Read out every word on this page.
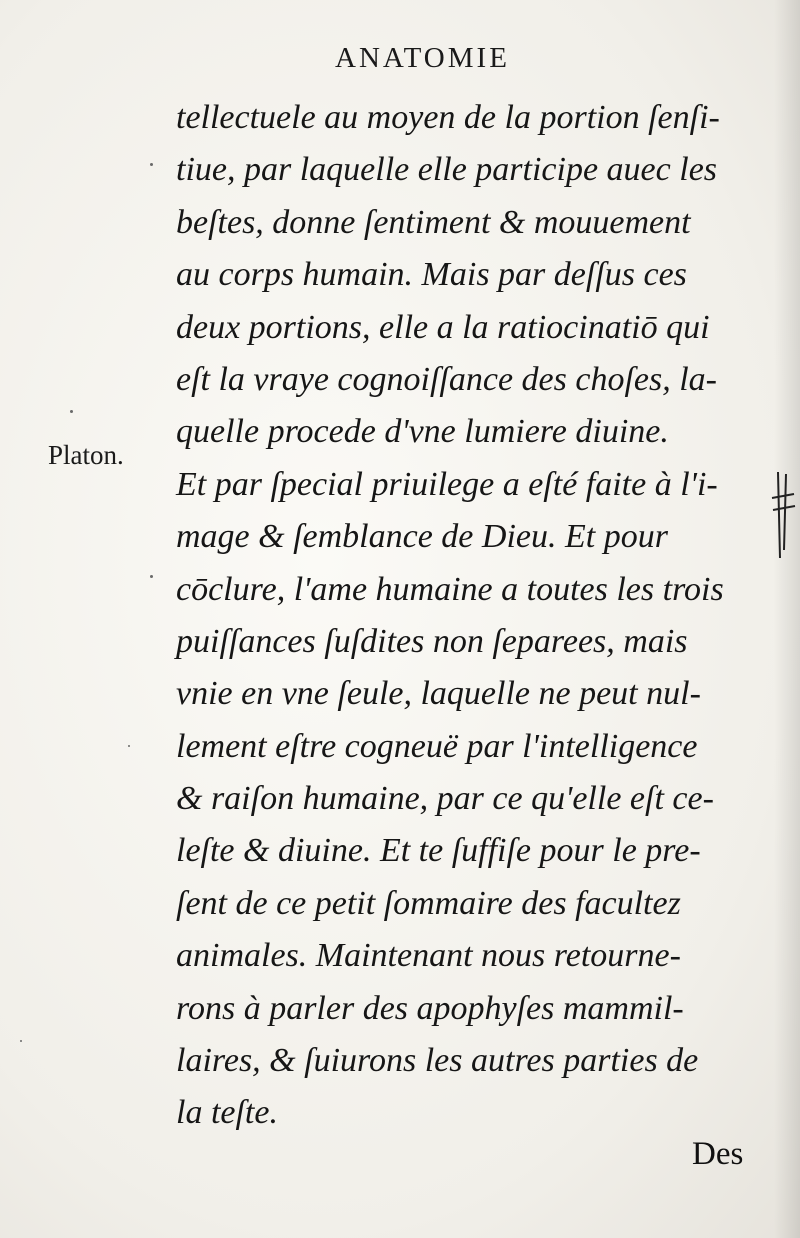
ANATOMIE
Platon.
tellectuele au moyen de la portion ſenſi-
tiue, par laquelle elle participe auec les
beſtes, donne ſentiment & mouuement
au corps humain. Mais par deſſus ces
deux portions, elle a la ratiocinatiō qui
eſt la vraye cognoiſſance des choſes, la-
quelle procede d'vne lumiere diuine.
Et par ſpecial priuilege a eſté faite à l'i-
mage & ſemblance de Dieu. Et pour
cōclure, l'ame humaine a toutes les trois
puiſſances ſuſdites non ſeparees, mais
vnie en vne ſeule, laquelle ne peut nul-
lement eſtre cogneuë par l'intelligence
& raiſon humaine, par ce qu'elle eſt ce-
leſte & diuine. Et te ſuffiſe pour le pre-
ſent de ce petit ſommaire des facultez
animales. Maintenant nous retourne-
rons à parler des apophyſes mammil-
laires, & ſuiurons les autres parties de
la teſte.
Des
